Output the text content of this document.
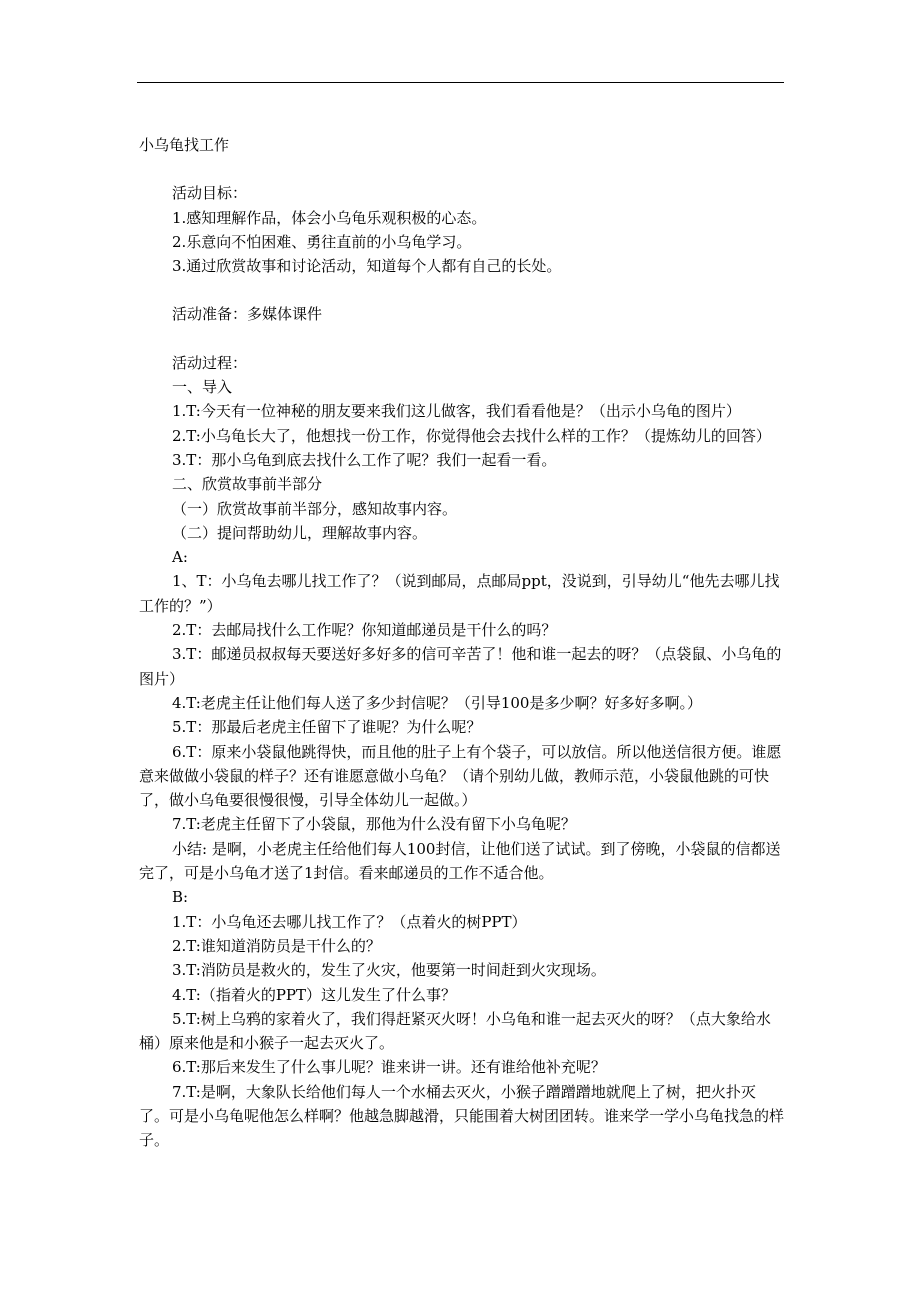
小乌龟找工作

活动目标：

1.感知理解作品，体会小乌龟乐观积极的心态。

2.乐意向不怕困难、勇往直前的小乌龟学习。

3.通过欣赏故事和讨论活动，知道每个人都有自己的长处。

活动准备：多媒体课件

活动过程：

一、导入

1.T:今天有一位神秘的朋友要来我们这儿做客，我们看看他是？（出示小乌龟的图片）

2.T:小乌龟长大了，他想找一份工作，你觉得他会去找什么样的工作？（提炼幼儿的回答）

3.T：那小乌龟到底去找什么工作了呢？我们一起看一看。

二、欣赏故事前半部分

（一）欣赏故事前半部分，感知故事内容。

（二）提问帮助幼儿，理解故事内容。

A:

1、T：小乌龟去哪儿找工作了？（说到邮局，点邮局ppt，没说到，引导幼儿“他先去哪儿找工作的？”）

2.T：去邮局找什么工作呢？你知道邮递员是干什么的吗？

3.T：邮递员叔叔每天要送好多好多的信可辛苦了！他和谁一起去的呀？（点袋鼠、小乌龟的图片）

4.T:老虎主任让他们每人送了多少封信呢？（引导100是多少啊？好多好多啊。）

5.T：那最后老虎主任留下了谁呢？为什么呢？

6.T：原来小袋鼠他跳得快，而且他的肚子上有个袋子，可以放信。所以他送信很方便。谁愿意来做做小袋鼠的样子？还有谁愿意做小乌龟？（请个别幼儿做，教师示范，小袋鼠他跳的可快了，做小乌龟要很慢很慢，引导全体幼儿一起做。）

7.T:老虎主任留下了小袋鼠，那他为什么没有留下小乌龟呢？

小结: 是啊，小老虎主任给他们每人100封信，让他们送了试试。到了傍晚，小袋鼠的信都送完了，可是小乌龟才送了1封信。看来邮递员的工作不适合他。

B:

1.T：小乌龟还去哪儿找工作了？（点着火的树PPT）

2.T:谁知道消防员是干什么的？

3.T:消防员是救火的，发生了火灾，他要第一时间赶到火灾现场。

4.T:（指着火的PPT）这儿发生了什么事？

5.T:树上乌鸦的家着火了，我们得赶紧灭火呀！小乌龟和谁一起去灭火的呀？（点大象给水桶）原来他是和小猴子一起去灭火了。

6.T:那后来发生了什么事儿呢？谁来讲一讲。还有谁给他补充呢？

7.T:是啊，大象队长给他们每人一个水桶去灭火，小猴子蹭蹭蹭地就爬上了树，把火扑灭了。可是小乌龟呢他怎么样啊？他越急脚越滑，只能围着大树团团转。谁来学一学小乌龟找急的样子。
